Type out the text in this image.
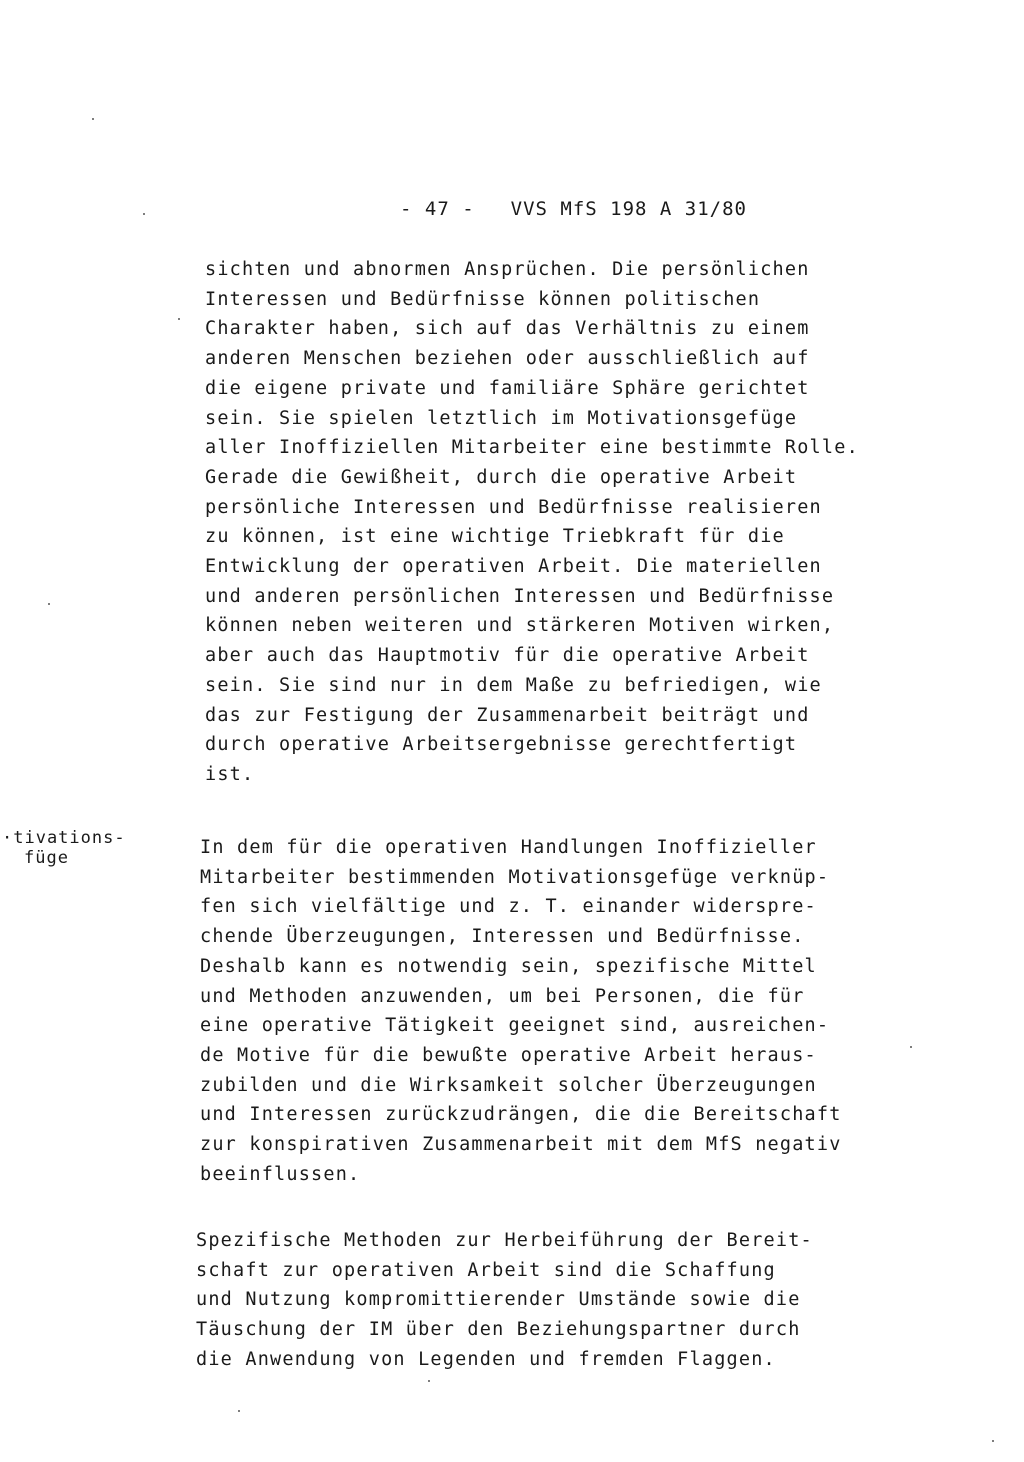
- 47 - VVS MfS 198 A 31/80
·tivations-
füge
sichten und abnormen Ansprüchen. Die persönlichen
Interessen und Bedürfnisse können politischen
Charakter haben, sich auf das Verhältnis zu einem
anderen Menschen beziehen oder ausschließlich auf
die eigene private und familiäre Sphäre gerichtet
sein. Sie spielen letztlich im Motivationsgefüge
aller Inoffiziellen Mitarbeiter eine bestimmte Rolle.
Gerade die Gewißheit, durch die operative Arbeit
persönliche Interessen und Bedürfnisse realisieren
zu können, ist eine wichtige Triebkraft für die
Entwicklung der operativen Arbeit. Die materiellen
und anderen persönlichen Interessen und Bedürfnisse
können neben weiteren und stärkeren Motiven wirken,
aber auch das Hauptmotiv für die operative Arbeit
sein. Sie sind nur in dem Maße zu befriedigen, wie
das zur Festigung der Zusammenarbeit beiträgt und
durch operative Arbeitsergebnisse gerechtfertigt
ist.
In dem für die operativen Handlungen Inoffizieller
Mitarbeiter bestimmenden Motivationsgefüge verknüp-
fen sich vielfältige und z. T. einander widerspre-
chende Überzeugungen, Interessen und Bedürfnisse.
Deshalb kann es notwendig sein, spezifische Mittel
und Methoden anzuwenden, um bei Personen, die für
eine operative Tätigkeit geeignet sind, ausreichen-
de Motive für die bewußte operative Arbeit heraus-
zubilden und die Wirksamkeit solcher Überzeugungen
und Interessen zurückzudrängen, die die Bereitschaft
zur konspirativen Zusammenarbeit mit dem MfS negativ
beeinflussen.
Spezifische Methoden zur Herbeiführung der Bereit-
schaft zur operativen Arbeit sind die Schaffung
und Nutzung kompromittierender Umstände sowie die
Täuschung der IM über den Beziehungspartner durch
die Anwendung von Legenden und fremden Flaggen.
